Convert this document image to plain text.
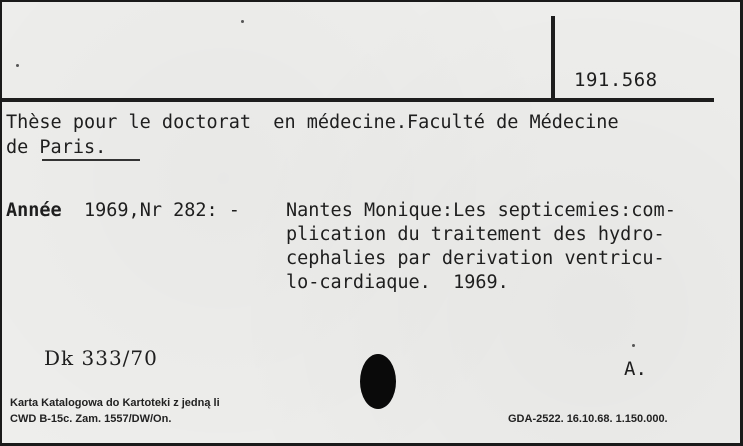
191.568
Thèse pour le doctorat  en médecine.Faculté de Médecine
de Paris.
Année 1969,Nr 282: - Nantes Monique:Les septicemies:com-
plication du traitement des hydro-
cephalies par derivation ventricu-
lo-cardiaque.  1969.
Dk 333/70	A.
Karta Katalogowa do Kartoteki z jedną li
CWD B-15c. Zam. 1557/DW/On.	GDA-2522. 16.10.68. 1.150.000.
